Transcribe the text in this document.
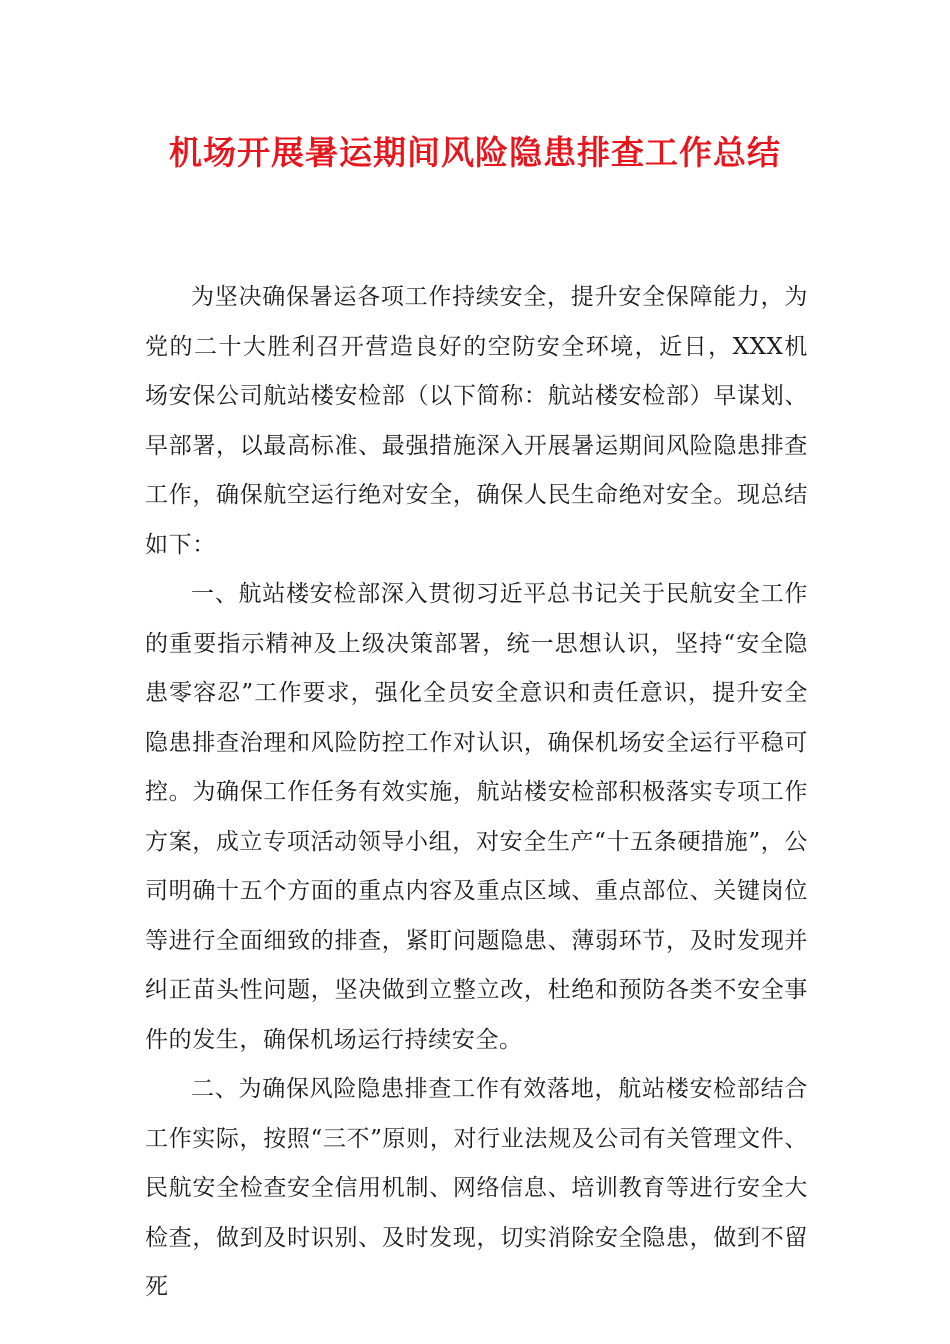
机场开展暑运期间风险隐患排查工作总结

为坚决确保暑运各项工作持续安全，提升安全保障能力，为党的二十大胜利召开营造良好的空防安全环境，近日，XXX机场安保公司航站楼安检部（以下简称：航站楼安检部）早谋划、早部署，以最高标准、最强措施深入开展暑运期间风险隐患排查工作，确保航空运行绝对安全，确保人民生命绝对安全。现总结如下：

一、航站楼安检部深入贯彻习近平总书记关于民航安全工作的重要指示精神及上级决策部署，统一思想认识，坚持“安全隐患零容忍”工作要求，强化全员安全意识和责任意识，提升安全隐患排查治理和风险防控工作对认识，确保机场安全运行平稳可控。为确保工作任务有效实施，航站楼安检部积极落实专项工作方案，成立专项活动领导小组，对安全生产“十五条硬措施”，公司明确十五个方面的重点内容及重点区域、重点部位、关键岗位等进行全面细致的排查，紧盯问题隐患、薄弱环节，及时发现并纠正苗头性问题，坚决做到立整立改，杜绝和预防各类不安全事件的发生，确保机场运行持续安全。

二、为确保风险隐患排查工作有效落地，航站楼安检部结合工作实际，按照“三不”原则，对行业法规及公司有关管理文件、民航安全检查安全信用机制、网络信息、培训教育等进行安全大检查，做到及时识别、及时发现，切实消除安全隐患，做到不留死
